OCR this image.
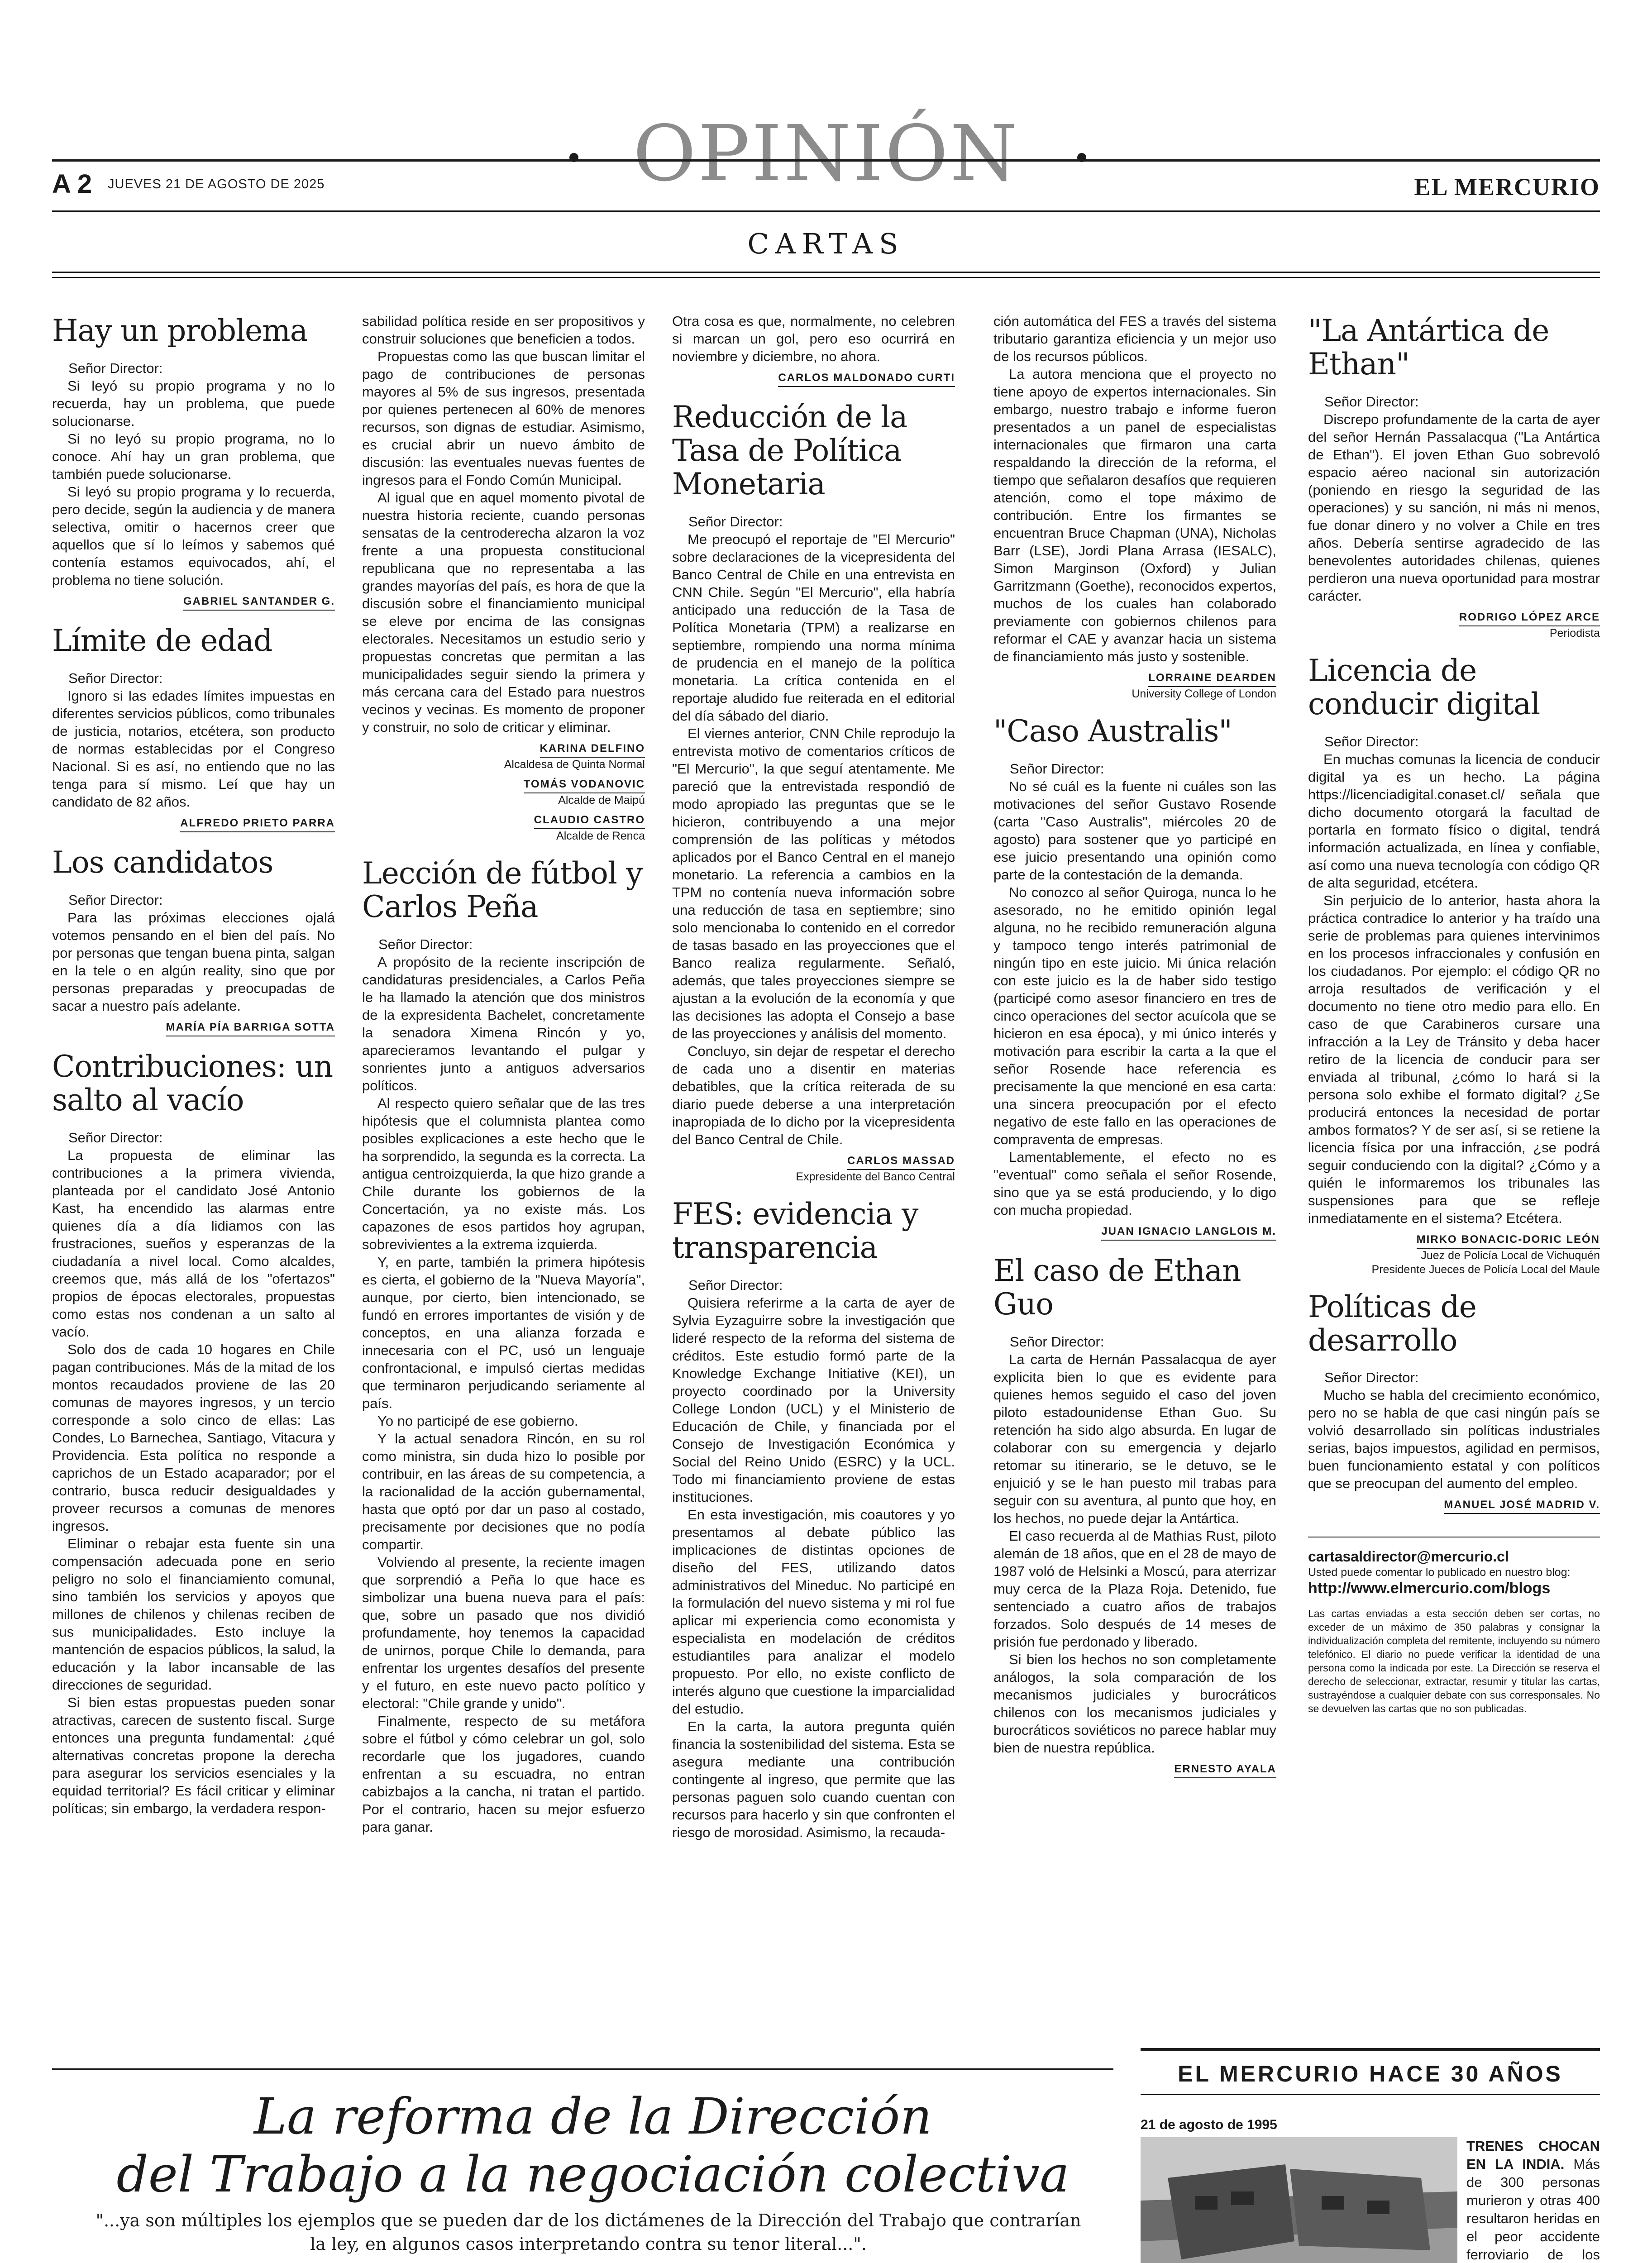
OPINIÓN
A 2 JUEVES 21 DE AGOSTO DE 2025	EL MERCURIO
CARTAS
Hay un problema
Señor Director:

Si leyó su propio programa y no lo recuerda, hay un problema, que puede solucionarse.

Si no leyó su propio programa, no lo conoce. Ahí hay un gran problema, que también puede solucionarse.

Si leyó su propio programa y lo recuerda, pero decide, según la audiencia y de manera selectiva, omitir o hacernos creer que aquellos que sí lo leímos y sabemos qué contenía estamos equivocados, ahí, el problema no tiene solución.

GABRIEL SANTANDER G.
Límite de edad
Señor Director:

Ignoro si las edades límites impuestas en diferentes servicios públicos, como tribunales de justicia, notarios, etcétera, son producto de normas establecidas por el Congreso Nacional. Si es así, no entiendo que no las tenga para sí mismo. Leí que hay un candidato de 82 años.

ALFREDO PRIETO PARRA
Los candidatos
Señor Director:

Para las próximas elecciones ojalá votemos pensando en el bien del país. No por personas que tengan buena pinta, salgan en la tele o en algún reality, sino que por personas preparadas y preocupadas de sacar a nuestro país adelante.

MARÍA PÍA BARRIGA SOTTA
Contribuciones: un salto al vacío
Señor Director:

La propuesta de eliminar las contribuciones a la primera vivienda, planteada por el candidato José Antonio Kast, ha encendido las alarmas entre quienes día a día lidiamos con las frustraciones, sueños y esperanzas de la ciudadanía a nivel local. Como alcaldes, creemos que, más allá de los "ofertazos" propios de épocas electorales, propuestas como estas nos condenan a un salto al vacío.

Solo dos de cada 10 hogares en Chile pagan contribuciones. Más de la mitad de los montos recaudados proviene de las 20 comunas de mayores ingresos, y un tercio corresponde a solo cinco de ellas: Las Condes, Lo Barnechea, Santiago, Vitacura y Providencia. Esta política no responde a caprichos de un Estado acaparador; por el contrario, busca reducir desigualdades y proveer recursos a comunas de menores ingresos.

Eliminar o rebajar esta fuente sin una compensación adecuada pone en serio peligro no solo el financiamiento comunal, sino también los servicios y apoyos que millones de chilenos y chilenas reciben de sus municipalidades. Esto incluye la mantención de espacios públicos, la salud, la educación y la labor incansable de las direcciones de seguridad.

Si bien estas propuestas pueden sonar atractivas, carecen de sustento fiscal. Surge entonces una pregunta fundamental: ¿qué alternativas concretas propone la derecha para asegurar los servicios esenciales y la equidad territorial? Es fácil criticar y eliminar políticas; sin embargo, la verdadera respon-

sabilidad política reside en ser propositivos y construir soluciones que beneficien a todos.

Propuestas como las que buscan limitar el pago de contribuciones de personas mayores al 5% de sus ingresos, presentada por quienes pertenecen al 60% de menores recursos, son dignas de estudiar. Asimismo, es crucial abrir un nuevo ámbito de discusión: las eventuales nuevas fuentes de ingresos para el Fondo Común Municipal.

Al igual que en aquel momento pivotal de nuestra historia reciente, cuando personas sensatas de la centroderecha alzaron la voz frente a una propuesta constitucional republicana que no representaba a las grandes mayorías del país, es hora de que la discusión sobre el financiamiento municipal se eleve por encima de las consignas electorales. Necesitamos un estudio serio y propuestas concretas que permitan a las municipalidades seguir siendo la primera y más cercana cara del Estado para nuestros vecinos y vecinas. Es momento de proponer y construir, no solo de criticar y eliminar.

KARINA DELFINO
Alcaldesa de Quinta Normal
TOMÁS VODANOVIC
Alcalde de Maipú
CLAUDIO CASTRO
Alcalde de Renca
Lección de fútbol y Carlos Peña
Señor Director:

A propósito de la reciente inscripción de candidaturas presidenciales, a Carlos Peña le ha llamado la atención que dos ministros de la expresidenta Bachelet, concretamente la senadora Ximena Rincón y yo, aparecieramos levantando el pulgar y sonrientes junto a antiguos adversarios políticos.

Al respecto quiero señalar que de las tres hipótesis que el columnista plantea como posibles explicaciones a este hecho que le ha sorprendido, la segunda es la correcta. La antigua centroizquierda, la que hizo grande a Chile durante los gobiernos de la Concertación, ya no existe más. Los capazones de esos partidos hoy agrupan, sobrevivientes a la extrema izquierda.

Y, en parte, también la primera hipótesis es cierta, el gobierno de la "Nueva Mayoría", aunque, por cierto, bien intencionado, se fundó en errores importantes de visión y de conceptos, en una alianza forzada e innecesaria con el PC, usó un lenguaje confrontacional, e impulsó ciertas medidas que terminaron perjudicando seriamente al país.

Yo no participé de ese gobierno.

Y la actual senadora Rincón, en su rol como ministra, sin duda hizo lo posible por contribuir, en las áreas de su competencia, a la racionalidad de la acción gubernamental, hasta que optó por dar un paso al costado, precisamente por decisiones que no podía compartir.

Volviendo al presente, la reciente imagen que sorprendió a Peña lo que hace es simbolizar una buena nueva para el país: que, sobre un pasado que nos dividió profundamente, hoy tenemos la capacidad de unirnos, porque Chile lo demanda, para enfrentar los urgentes desafíos del presente y el futuro, en este nuevo pacto político y electoral: "Chile grande y unido".

Finalmente, respecto de su metáfora sobre el fútbol y cómo celebrar un gol, solo recordarle que los jugadores, cuando enfrentan a su escuadra, no entran cabizbajos a la cancha, ni tratan el partido. Por el contrario, hacen su mejor esfuerzo para ganar.

Otra cosa es que, normalmente, no celebren si marcan un gol, pero eso ocurrirá en noviembre y diciembre, no ahora.

CARLOS MALDONADO CURTI
Reducción de la Tasa de Política Monetaria
Señor Director:

Me preocupó el reportaje de "El Mercurio" sobre declaraciones de la vicepresidenta del Banco Central de Chile en una entrevista en CNN Chile. Según "El Mercurio", ella habría anticipado una reducción de la Tasa de Política Monetaria (TPM) a realizarse en septiembre, rompiendo una norma mínima de prudencia en el manejo de la política monetaria. La crítica contenida en el reportaje aludido fue reiterada en el editorial del día sábado del diario.

El viernes anterior, CNN Chile reprodujo la entrevista motivo de comentarios críticos de "El Mercurio", la que seguí atentamente. Me pareció que la entrevistada respondió de modo apropiado las preguntas que se le hicieron, contribuyendo a una mejor comprensión de las políticas y métodos aplicados por el Banco Central en el manejo monetario. La referencia a cambios en la TPM no contenía nueva información sobre una reducción de tasa en septiembre; sino solo mencionaba lo contenido en el corredor de tasas basado en las proyecciones que el Banco realiza regularmente. Señaló, además, que tales proyecciones siempre se ajustan a la evolución de la economía y que las decisiones las adopta el Consejo a base de las proyecciones y análisis del momento.

Concluyo, sin dejar de respetar el derecho de cada uno a disentir en materias debatibles, que la crítica reiterada de su diario puede deberse a una interpretación inapropiada de lo dicho por la vicepresidenta del Banco Central de Chile.

CARLOS MASSAD
Expresidente del Banco Central
FES: evidencia y transparencia
Señor Director:

Quisiera referirme a la carta de ayer de Sylvia Eyzaguirre sobre la investigación que lideré respecto de la reforma del sistema de créditos. Este estudio formó parte de la Knowledge Exchange Initiative (KEI), un proyecto coordinado por la University College London (UCL) y el Ministerio de Educación de Chile, y financiada por el Consejo de Investigación Económica y Social del Reino Unido (ESRC) y la UCL. Todo mi financiamiento proviene de estas instituciones.

En esta investigación, mis coautores y yo presentamos al debate público las implicaciones de distintas opciones de diseño del FES, utilizando datos administrativos del Mineduc. No participé en la formulación del nuevo sistema y mi rol fue aplicar mi experiencia como economista y especialista en modelación de créditos estudiantiles para analizar el modelo propuesto. Por ello, no existe conflicto de interés alguno que cuestione la imparcialidad del estudio.

En la carta, la autora pregunta quién financia la sostenibilidad del sistema. Esta se asegura mediante una contribución contingente al ingreso, que permite que las personas paguen solo cuando cuentan con recursos para hacerlo y sin que confronten el riesgo de morosidad. Asimismo, la recauda-

ción automática del FES a través del sistema tributario garantiza eficiencia y un mejor uso de los recursos públicos.

La autora menciona que el proyecto no tiene apoyo de expertos internacionales. Sin embargo, nuestro trabajo e informe fueron presentados a un panel de especialistas internacionales que firmaron una carta respaldando la dirección de la reforma, el tiempo que señalaron desafíos que requieren atención, como el tope máximo de contribución. Entre los firmantes se encuentran Bruce Chapman (UNA), Nicholas Barr (LSE), Jordi Plana Arrasa (IESALC), Simon Marginson (Oxford) y Julian Garritzmann (Goethe), reconocidos expertos, muchos de los cuales han colaborado previamente con gobiernos chilenos para reformar el CAE y avanzar hacia un sistema de financiamiento más justo y sostenible.

LORRAINE DEARDEN
University College of London
"Caso Australis"
Señor Director:

No sé cuál es la fuente ni cuáles son las motivaciones del señor Gustavo Rosende (carta "Caso Australis", miércoles 20 de agosto) para sostener que yo participé en ese juicio presentando una opinión como parte de la contestación de la demanda.

No conozco al señor Quiroga, nunca lo he asesorado, no he emitido opinión legal alguna, no he recibido remuneración alguna y tampoco tengo interés patrimonial de ningún tipo en este juicio. Mi única relación con este juicio es la de haber sido testigo (participé como asesor financiero en tres de cinco operaciones del sector acuícola que se hicieron en esa época), y mi único interés y motivación para escribir la carta a la que el señor Rosende hace referencia es precisamente la que mencioné en esa carta: una sincera preocupación por el efecto negativo de este fallo en las operaciones de compraventa de empresas.

Lamentablemente, el efecto no es "eventual" como señala el señor Rosende, sino que ya se está produciendo, y lo digo con mucha propiedad.

JUAN IGNACIO LANGLOIS M.
El caso de Ethan Guo
Señor Director:

La carta de Hernán Passalacqua de ayer explicita bien lo que es evidente para quienes hemos seguido el caso del joven piloto estadounidense Ethan Guo. Su retención ha sido algo absurda. En lugar de colaborar con su emergencia y dejarlo retomar su itinerario, se le detuvo, se le enjuició y se le han puesto mil trabas para seguir con su aventura, al punto que hoy, en los hechos, no puede dejar la Antártica.

El caso recuerda al de Mathias Rust, piloto alemán de 18 años, que en el 28 de mayo de 1987 voló de Helsinki a Moscú, para aterrizar muy cerca de la Plaza Roja. Detenido, fue sentenciado a cuatro años de trabajos forzados. Solo después de 14 meses de prisión fue perdonado y liberado.

Si bien los hechos no son completamente análogos, la sola comparación de los mecanismos judiciales y burocráticos chilenos con los mecanismos judiciales y burocráticos soviéticos no parece hablar muy bien de nuestra república.

ERNESTO AYALA
"La Antártica de Ethan"
Señor Director:

Discrepo profundamente de la carta de ayer del señor Hernán Passalacqua ("La Antártica de Ethan"). El joven Ethan Guo sobrevoló espacio aéreo nacional sin autorización (poniendo en riesgo la seguridad de las operaciones) y su sanción, ni más ni menos, fue donar dinero y no volver a Chile en tres años. Debería sentirse agradecido de las benevolentes autoridades chilenas, quienes perdieron una nueva oportunidad para mostrar carácter.

RODRIGO LÓPEZ ARCE
Periodista
Licencia de conducir digital
Señor Director:

En muchas comunas la licencia de conducir digital ya es un hecho. La página https://licenciadigital.conaset.cl/ señala que dicho documento otorgará la facultad de portarla en formato físico o digital, tendrá información actualizada, en línea y confiable, así como una nueva tecnología con código QR de alta seguridad, etcétera.

Sin perjuicio de lo anterior, hasta ahora la práctica contradice lo anterior y ha traído una serie de problemas para quienes intervinimos en los procesos infraccionales y confusión en los ciudadanos. Por ejemplo: el código QR no arroja resultados de verificación y el documento no tiene otro medio para ello. En caso de que Carabineros cursare una infracción a la Ley de Tránsito y deba hacer retiro de la licencia de conducir para ser enviada al tribunal, ¿cómo lo hará si la persona solo exhibe el formato digital? ¿Se producirá entonces la necesidad de portar ambos formatos? Y de ser así, si se retiene la licencia física por una infracción, ¿se podrá seguir conduciendo con la digital? ¿Cómo y a quién le informaremos los tribunales las suspensiones para que se refleje inmediatamente en el sistema? Etcétera.

MIRKO BONACIC-DORIC LEÓN
Juez de Policía Local de Vichuquén
Presidente Jueces de Policía Local del Maule
Políticas de desarrollo
Señor Director:

Mucho se habla del crecimiento económico, pero no se habla de que casi ningún país se volvió desarrollado sin políticas industriales serias, bajos impuestos, agilidad en permisos, buen funcionamiento estatal y con políticos que se preocupan del aumento del empleo.

MANUEL JOSÉ MADRID V.
cartasaldirector@mercurio.cl

Usted puede comentar lo publicado en nuestro blog:

http://www.elmercurio.com/blogs
Las cartas enviadas a esta sección deben ser cortas, no exceder de un máximo de 350 palabras y consignar la individualización completa del remitente, incluyendo su número telefónico. El diario no puede verificar la identidad de una persona como la indicada por este. La Dirección se reserva el derecho de seleccionar, extractar, resumir y titular las cartas, sustrayéndose a cualquier debate con sus corresponsales. No se devuelven las cartas que no son publicadas.
La reforma de la Dirección
del Trabajo a la negociación colectiva
"...ya son múltiples los ejemplos que se pueden dar de los dictámenes de la Dirección del Trabajo que contrarían la ley, en algunos casos interpretando contra su tenor literal...".

EL MERCURIO HACE 30 AÑOS
21 de agosto de 1995
TRENES CHOCAN EN LA INDIA. Más de 300 personas murieron y otras 400 resultaron heridas en el peor accidente ferroviario de los
